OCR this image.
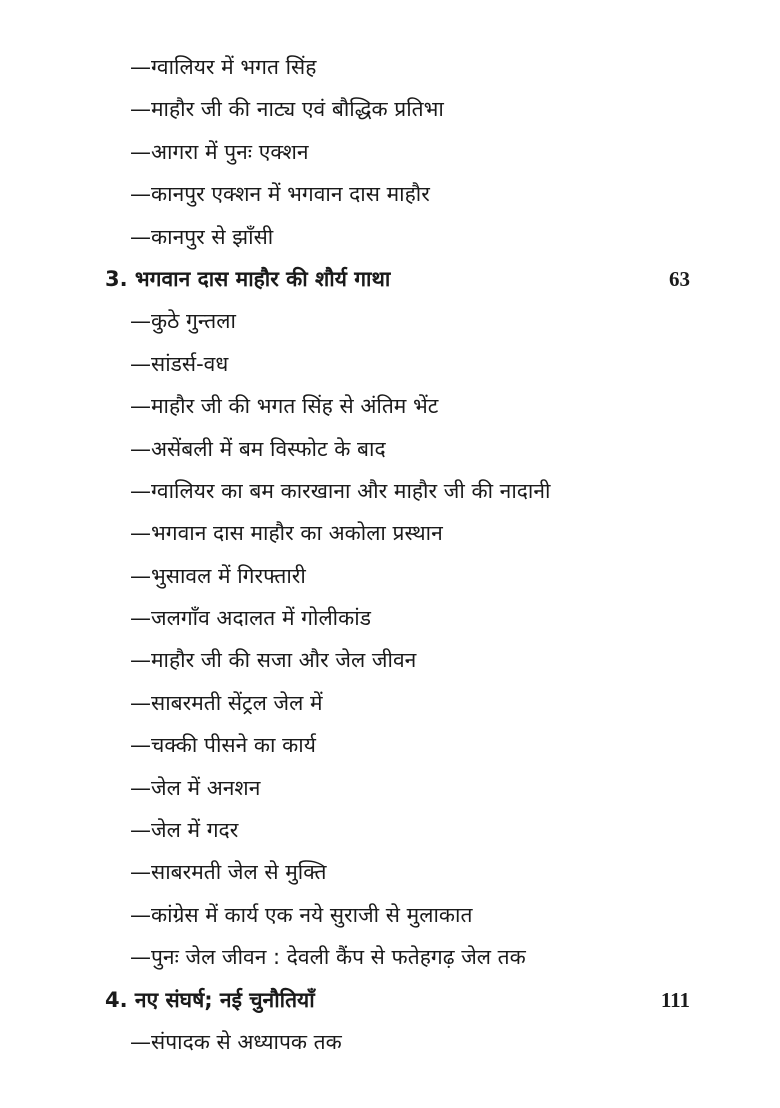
—ग्वालियर में भगत सिंह
—माहौर जी की नाट्य एवं बौद्धिक प्रतिभा
—आगरा में पुनः एक्शन
—कानपुर एक्शन में भगवान दास माहौर
—कानपुर से झाँसी
3. भगवान दास माहौर की शौर्य गाथा	63
—कुठे गुन्तला
—सांडर्स-वध
—माहौर जी की भगत सिंह से अंतिम भेंट
—असेंबली में बम विस्फोट के बाद
—ग्वालियर का बम कारखाना और माहौर जी की नादानी
—भगवान दास माहौर का अकोला प्रस्थान
—भुसावल में गिरफ्तारी
—जलगाँव अदालत में गोलीकांड
—माहौर जी की सजा और जेल जीवन
—साबरमती सेंट्रल जेल में
—चक्की पीसने का कार्य
—जेल में अनशन
—जेल में गदर
—साबरमती जेल से मुक्ति
—कांग्रेस में कार्य एक नये सुराजी से मुलाकात
—पुनः जेल जीवन : देवली कैंप से फतेहगढ़ जेल तक
4. नए संघर्ष; नई चुनौतियाँ	111
—संपादक से अध्यापक तक
